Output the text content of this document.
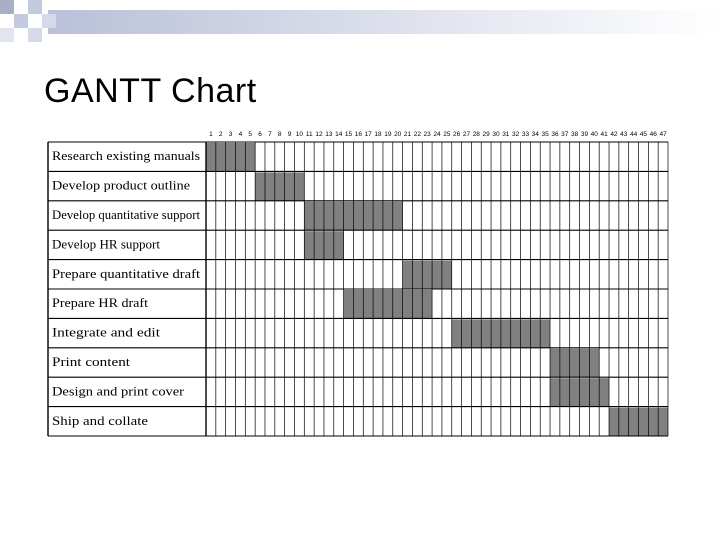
GANTT Chart
Research existing manuals
Develop product outline
Develop quantitative support
Develop HR support
Prepare quantitative draft
Prepare HR draft
Integrate and edit
Print content
Design and print cover
Ship and collate
1 2 3 4 5 6 7 8 9 10 11 12 13 14 15 16 17 18 19 20 21 22 23 24 25 26 27 28 29 30 31 32 33 34 35 36 37 38 39 40 41 42 43 44 45 46 47
